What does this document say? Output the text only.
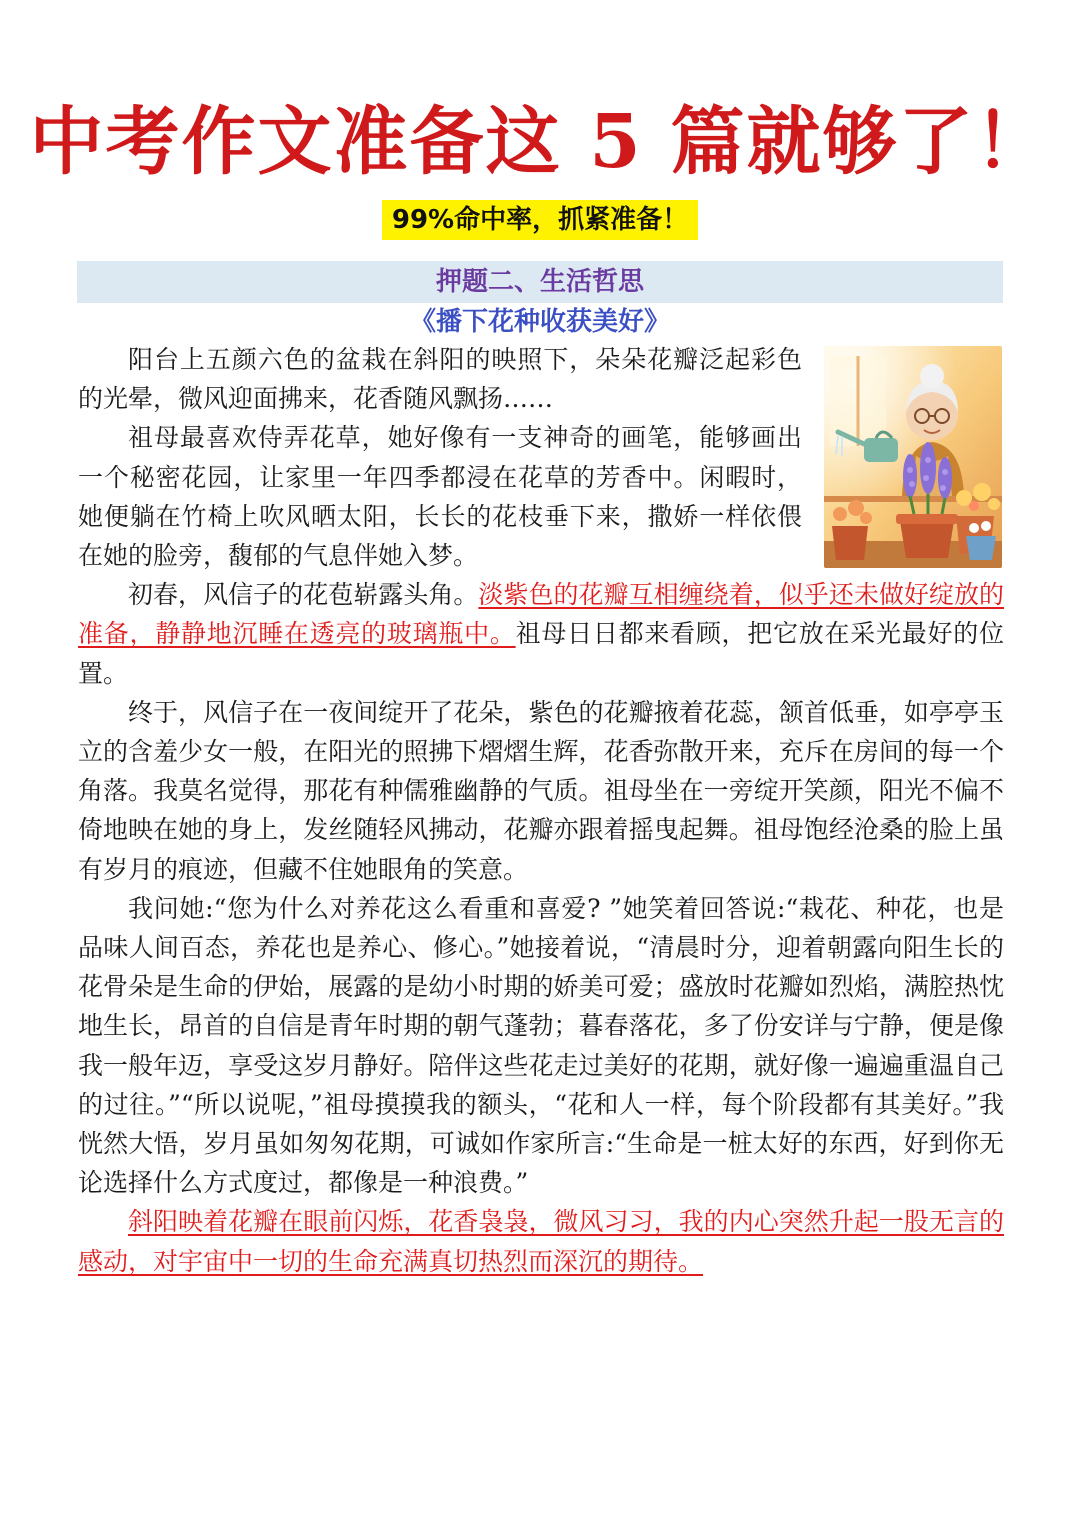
中考作文准备这 5 篇就够了！
99%命中率，抓紧准备！
押题二、生活哲思
《播下花种收获美好》

阳台上五颜六色的盆栽在斜阳的映照下，朵朵花瓣泛起彩色的光晕，微风迎面拂来，花香随风飘扬……

祖母最喜欢侍弄花草，她好像有一支神奇的画笔，能够画出一个秘密花园，让家里一年四季都浸在花草的芳香中。闲暇时，她便躺在竹椅上吹风晒太阳，长长的花枝垂下来，撒娇一样依偎在她的脸旁，馥郁的气息伴她入梦。

初春，风信子的花苞崭露头角。淡紫色的花瓣互相缠绕着，似乎还未做好绽放的准备，静静地沉睡在透亮的玻璃瓶中。祖母日日都来看顾，把它放在采光最好的位置。

终于，风信子在一夜间绽开了花朵，紫色的花瓣掖着花蕊，颔首低垂，如亭亭玉立的含羞少女一般，在阳光的照拂下熠熠生辉，花香弥散开来，充斥在房间的每一个角落。我莫名觉得，那花有种儒雅幽静的气质。祖母坐在一旁绽开笑颜，阳光不偏不倚地映在她的身上，发丝随轻风拂动，花瓣亦跟着摇曳起舞。祖母饱经沧桑的脸上虽有岁月的痕迹，但藏不住她眼角的笑意。

我问她:“您为什么对养花这么看重和喜爱? ”她笑着回答说:“栽花、种花，也是品味人间百态，养花也是养心、修心。”她接着说，“清晨时分，迎着朝露向阳生长的花骨朵是生命的伊始，展露的是幼小时期的娇美可爱；盛放时花瓣如烈焰，满腔热忱地生长，昂首的自信是青年时期的朝气蓬勃；暮春落花，多了份安详与宁静，便是像我一般年迈，享受这岁月静好。陪伴这些花走过美好的花期，就好像一遍遍重温自己的过往。”“所以说呢，”祖母摸摸我的额头，“花和人一样，每个阶段都有其美好。”我恍然大悟，岁月虽如匆匆花期，可诚如作家所言:“生命是一桩太好的东西，好到你无论选择什么方式度过，都像是一种浪费。”

斜阳映着花瓣在眼前闪烁，花香袅袅，微风习习，我的内心突然升起一股无言的感动，对宇宙中一切的生命充满真切热烈而深沉的期待。
